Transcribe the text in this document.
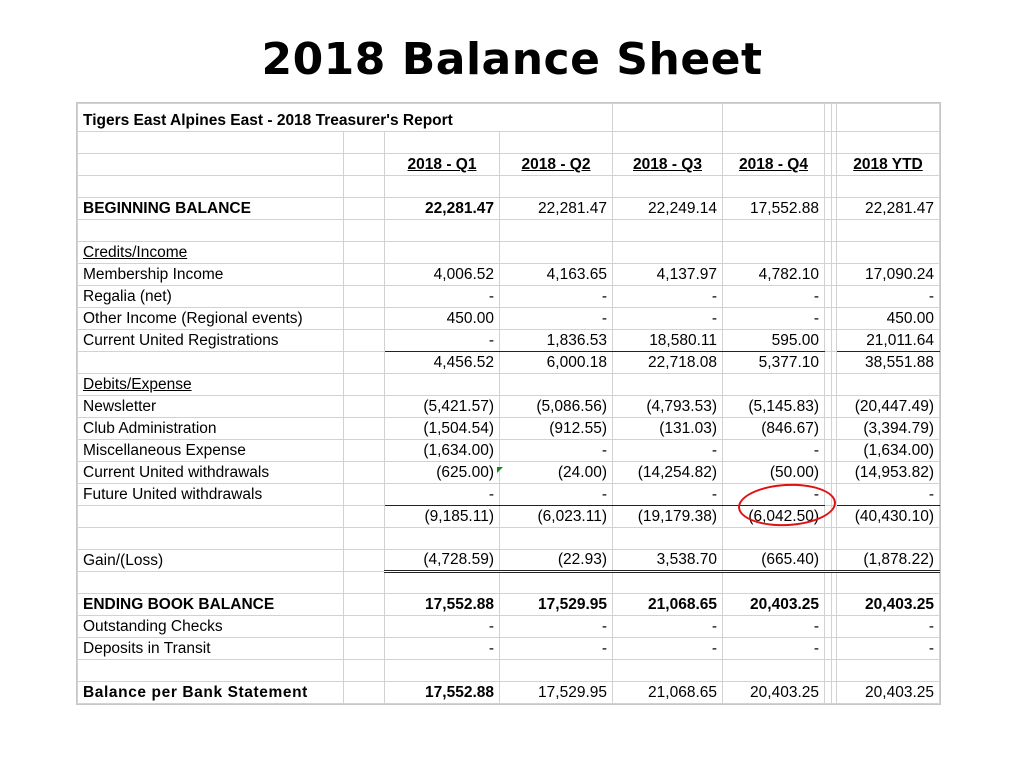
2018 Balance Sheet
Tigers East Alpines East - 2018 Treasurer's Report								

		2018 - Q1	2018 - Q2	2018 - Q3	2018 - Q4			2018 YTD

BEGINNING BALANCE		22,281.47	22,281.47	22,249.14	17,552.88			22,281.47

Credits/Income								
Membership Income		4,006.52	4,163.65	4,137.97	4,782.10			17,090.24
Regalia (net)		-	-	-	-			-
Other Income (Regional events)		450.00	-	-	-			450.00
Current United Registrations		-	1,836.53	18,580.11	595.00			21,011.64
		4,456.52	6,000.18	22,718.08	5,377.10			38,551.88
Debits/Expense								
Newsletter		(5,421.57)	(5,086.56)	(4,793.53)	(5,145.83)			(20,447.49)
Club Administration		(1,504.54)	(912.55)	(131.03)	(846.67)			(3,394.79)
Miscellaneous Expense		(1,634.00)	-	-	-			(1,634.00)
Current United withdrawals		(625.00)	(24.00)	(14,254.82)	(50.00)			(14,953.82)
Future United withdrawals		-	-	-	-			-
		(9,185.11)	(6,023.11)	(19,179.38)	(6,042.50)			(40,430.10)

Gain/(Loss)		(4,728.59)	(22.93)	3,538.70	(665.40)			(1,878.22)

ENDING BOOK BALANCE		17,552.88	17,529.95	21,068.65	20,403.25			20,403.25
Outstanding Checks		-	-	-	-			-
Deposits in Transit		-	-	-	-			-

Balance per Bank Statement		17,552.88	17,529.95	21,068.65	20,403.25			20,403.25
